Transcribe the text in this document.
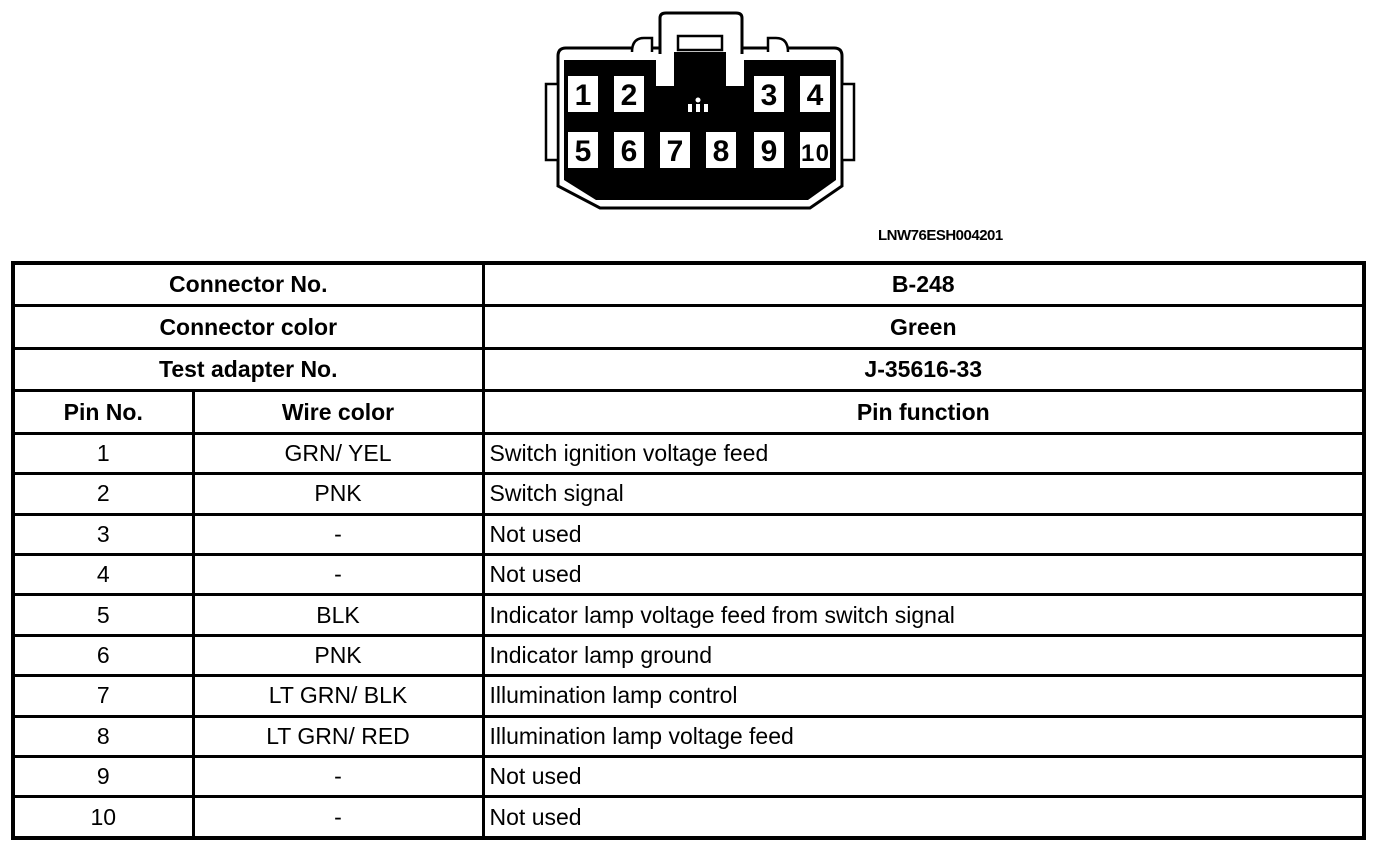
1 2	3 4
5 6 7 8 9 10
LNW76ESH004201
Connector No.		B-248
Connector color		Green
Test adapter No.		J-35616-33
Pin No.	Wire color	Pin function
1	GRN/ YEL	Switch ignition voltage feed
2	PNK	Switch signal
3	-	Not used
4	-	Not used
5	BLK	Indicator lamp voltage feed from switch signal
6	PNK	Indicator lamp ground
7	LT GRN/ BLK	Illumination lamp control
8	LT GRN/ RED	Illumination lamp voltage feed
9	-	Not used
10	-	Not used
